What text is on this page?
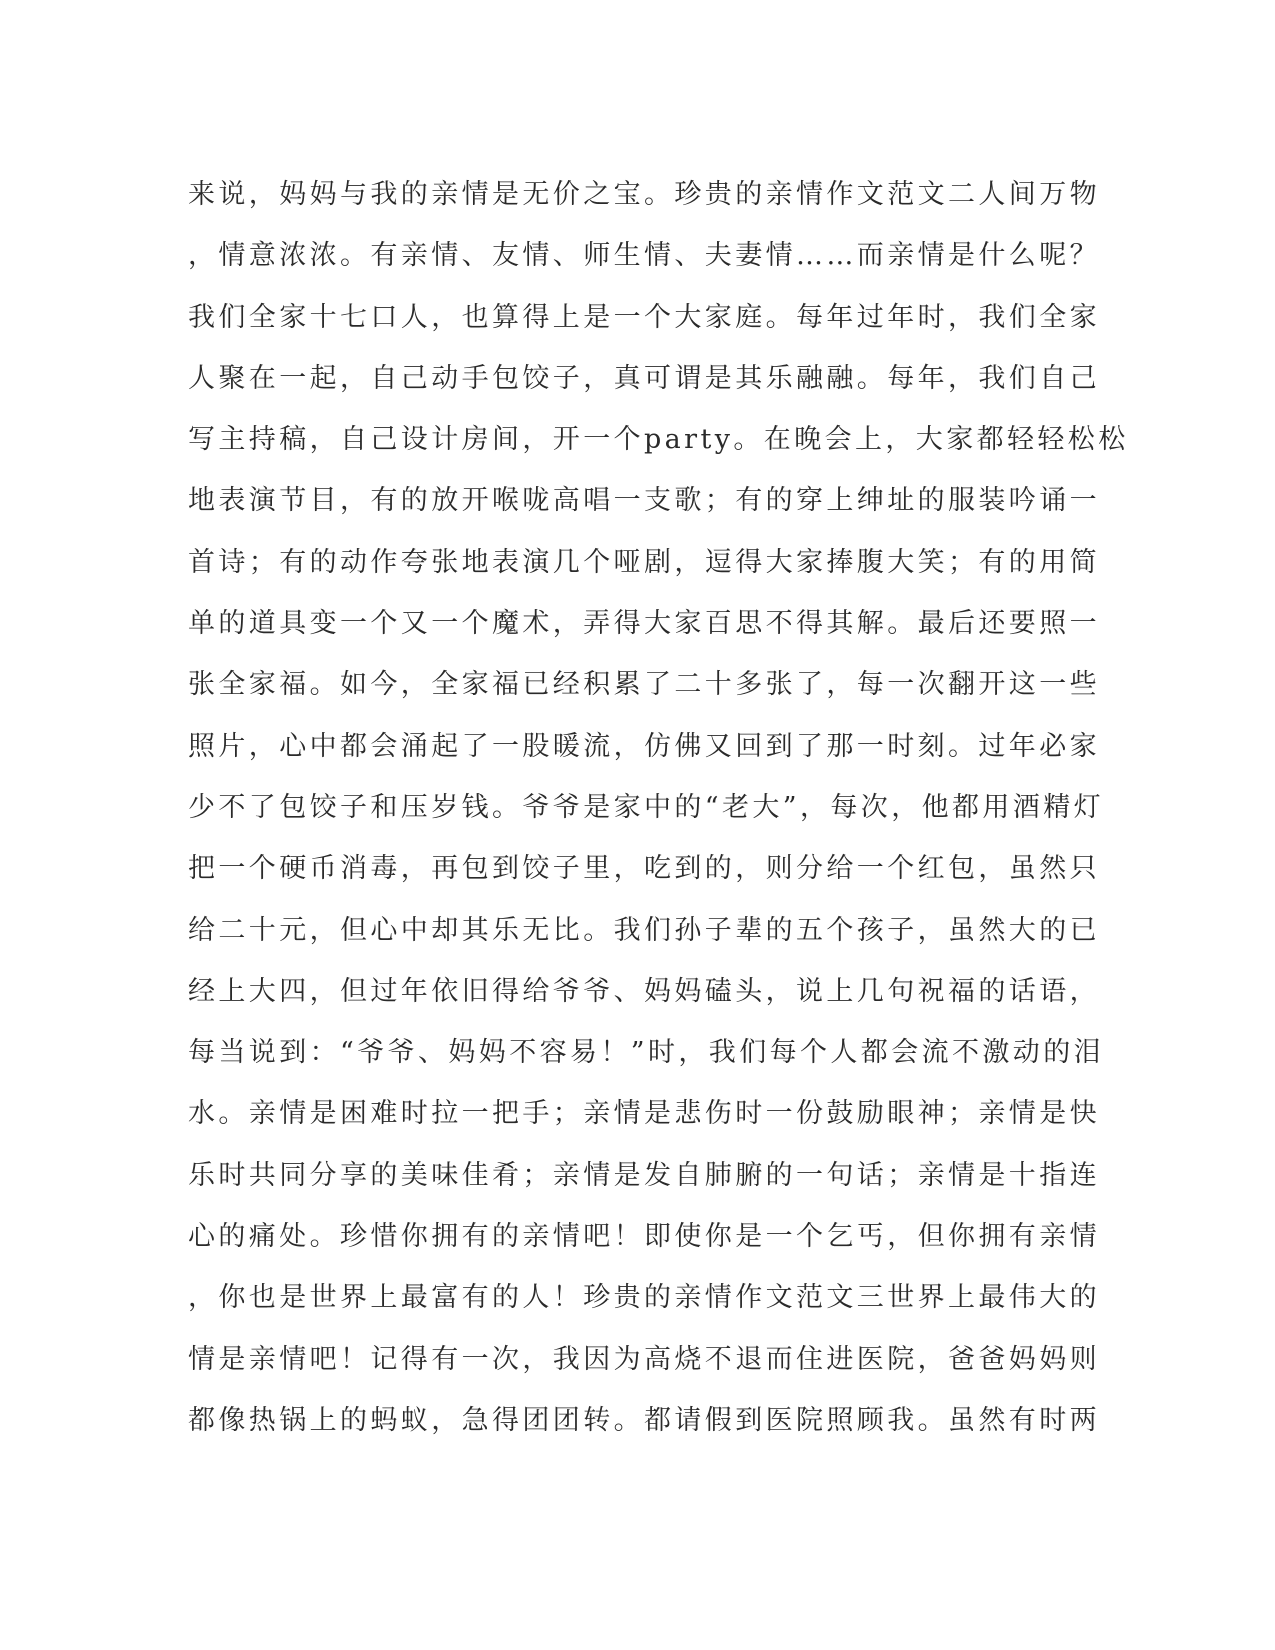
来说，妈妈与我的亲情是无价之宝。珍贵的亲情作文范文二人间万物
，情意浓浓。有亲情、友情、师生情、夫妻情……而亲情是什么呢？
我们全家十七口人，也算得上是一个大家庭。每年过年时，我们全家
人聚在一起，自己动手包饺子，真可谓是其乐融融。每年，我们自己
写主持稿，自己设计房间，开一个party。在晚会上，大家都轻轻松松
地表演节目，有的放开喉咙高唱一支歌；有的穿上绅址的服装吟诵一
首诗；有的动作夸张地表演几个哑剧，逗得大家捧腹大笑；有的用简
单的道具变一个又一个魔术，弄得大家百思不得其解。最后还要照一
张全家福。如今，全家福已经积累了二十多张了，每一次翻开这一些
照片，心中都会涌起了一股暖流，仿佛又回到了那一时刻。过年必家
少不了包饺子和压岁钱。爷爷是家中的“老大”，每次，他都用酒精灯
把一个硬币消毒，再包到饺子里，吃到的，则分给一个红包，虽然只
给二十元，但心中却其乐无比。我们孙子辈的五个孩子，虽然大的已
经上大四，但过年依旧得给爷爷、妈妈磕头，说上几句祝福的话语，
每当说到：“爷爷、妈妈不容易！”时，我们每个人都会流不激动的泪
水。亲情是困难时拉一把手；亲情是悲伤时一份鼓励眼神；亲情是快
乐时共同分享的美味佳肴；亲情是发自肺腑的一句话；亲情是十指连
心的痛处。珍惜你拥有的亲情吧！即使你是一个乞丐，但你拥有亲情
，你也是世界上最富有的人！珍贵的亲情作文范文三世界上最伟大的
情是亲情吧！记得有一次，我因为高烧不退而住进医院，爸爸妈妈则
都像热锅上的蚂蚁，急得团团转。都请假到医院照顾我。虽然有时两
